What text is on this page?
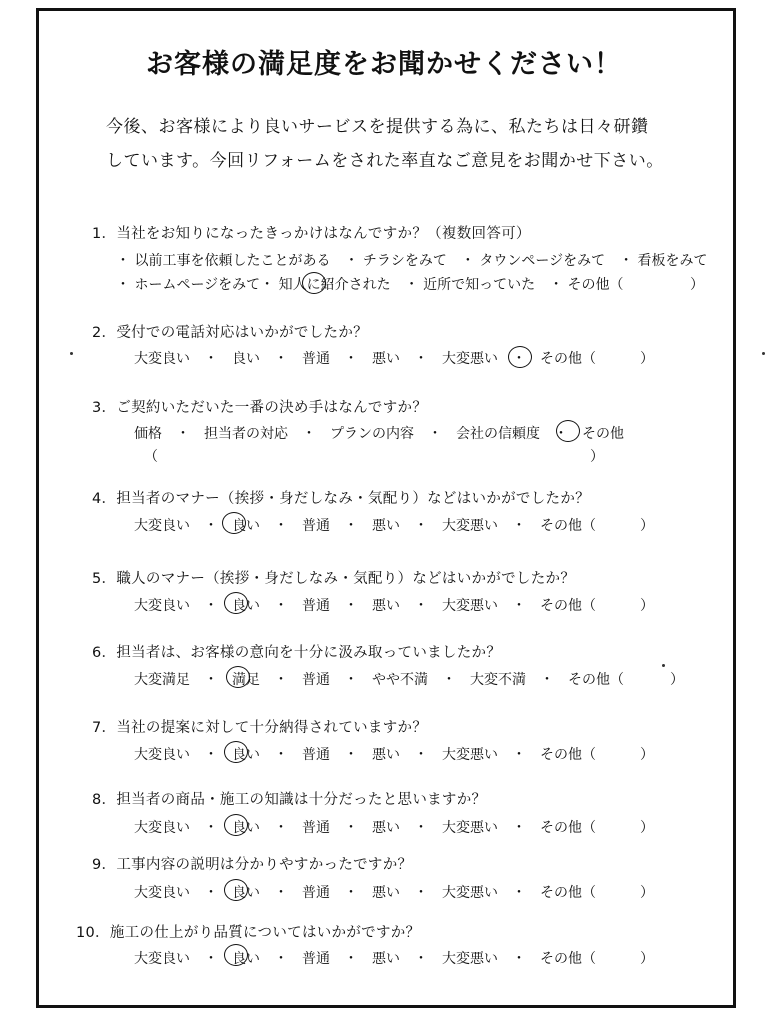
お客様の満足度をお聞かせください！
今後、お客様により良いサービスを提供する為に、私たちは日々研鑽
しています。今回リフォームをされた率直なご意見をお聞かせ下さい。
1．当社をお知りになったきっかけはなんですか？（複数回答可）
・ 以前工事を依頼したことがある　・ チラシをみて　・ タウンページをみて　・ 看板をみて
・ ホームページをみて・ 知人に紹介された　・ 近所で知っていた　・ その他（	）
2．受付での電話対応はいかがでしたか？
大変良い　・　良い　・　普通　・　悪い　・　大変悪い　・　その他（	）
3．ご契約いただいた一番の決め手はなんですか？
価格　・　担当者の対応　・　プランの内容　・　会社の信頼度　・　その他
（	）
4．担当者のマナー（挨拶・身だしなみ・気配り）などはいかがでしたか？
大変良い　・　良い　・　普通　・　悪い　・　大変悪い　・　その他（	）
5．職人のマナー（挨拶・身だしなみ・気配り）などはいかがでしたか？
大変良い　・　良い　・　普通　・　悪い　・　大変悪い　・　その他（	）
6．担当者は、お客様の意向を十分に汲み取っていましたか？
大変満足　・　満足　・　普通　・　やや不満　・　大変不満　・　その他（	）
7．当社の提案に対して十分納得されていますか？
大変良い　・　良い　・　普通　・　悪い　・　大変悪い　・　その他（	）
8．担当者の商品・施工の知識は十分だったと思いますか？
大変良い　・　良い　・　普通　・　悪い　・　大変悪い　・　その他（	）
9．工事内容の説明は分かりやすかったですか？
大変良い　・　良い　・　普通　・　悪い　・　大変悪い　・　その他（	）
10．施工の仕上がり品質についてはいかがですか？
大変良い　・　良い　・　普通　・　悪い　・　大変悪い　・　その他（	）
